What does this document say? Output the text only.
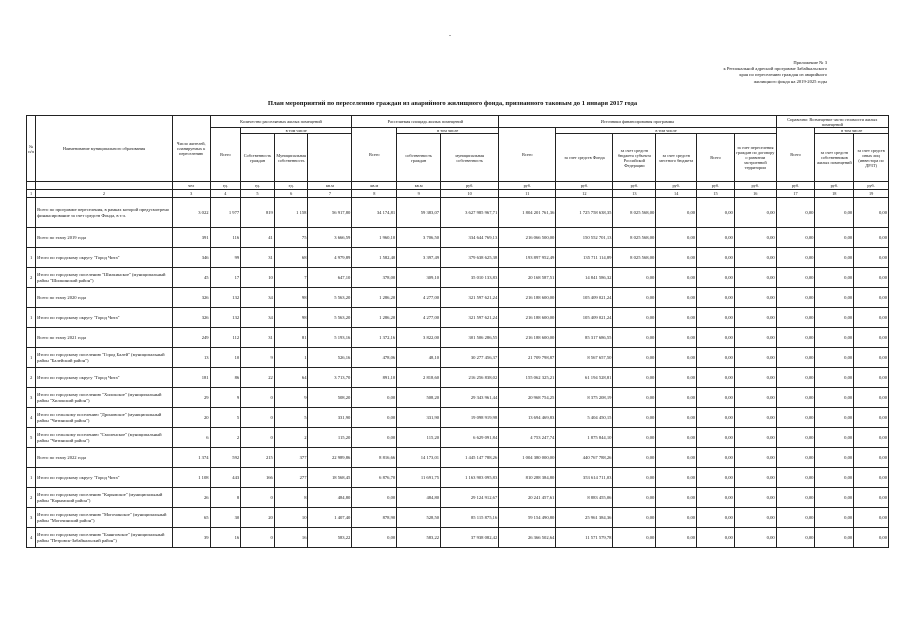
-
Приложение № 3
к Региональной адресной программе Забайкальского
края по переселению граждан из аварийного
жилищного фонда на 2019-2025 годы
План мероприятий по переселению граждан из аварийного жилищного фонда, признанного таковым до 1 января 2017 года
№ п/п	Наименование муниципального образования	Число жителей, планируемых к переселению	Количество расселяемых жилых помещений				Расселяемая площадь жилых помещений			Источники финансирования программы						Справочно: Возмещение части стоимости жилых помещений		
			Всего	в том числе			Всего	в том числе		Всего	в том числе					Всего	в том числе	
				Собственность граждан	Муниципальная собственность			собственность граждан	муниципальная собственность		за счет средств Фонда	за счет средств бюджета субъекта Российской Федерации	за счет средств местного бюджета	Всего	за счет переселения граждан по договору о развитии застроенной территории		за счет средств собственников жилых помещений	за счет средств иных лиц (инвестора по ДРЗТ)
		чел	ед.	ед.	ед.	кв.м	кв.м	кв.м	руб.	руб.	руб.	руб.	руб.	руб.	руб.	руб.	руб.	руб.
1	2	3	4	5	6	7	8	9	10	11	12	13	14	15	16	17	18	19
	Всего по программе переселения, в рамках которой предусмотрено финансирование за счет средств Фонда, в т.ч.	3 022	1 977	819	1 158	56 917,80	34 174,81	59 383,07	3 627 985 967,71	1 804 201 761,36	1 725 758 638,35	8 025 568,00	0,00	0,00	0,00	0,00	0,00	0,00
	Всего по этапу 2019 года	391	116	41	75	3 666,59	1 960,10	3 706,50	334 644 769,13	216 066 500,00	150 552 701,13	8 025 568,00	0,00	0,00	0,00	0,00	0,00	0,00
1	Итого по городскому округу "Город Чита"	346	99	31	68	4 979,89	1 582,40	3 397,49	379 638 625,38	193 897 952,49	135 711 114,89	8 025 568,00	0,00	0,00	0,00	0,00	0,00	0,00
2	Итого по городскому поселению "Шилкинское" (муниципальный район "Шилкинский район")	45	17	10	7	647,10	378,00	309,10	35 010 133,83	20 168 587,51	14 841 586,32	0,00	0,00	0,00	0,00	0,00	0,00	0,00
	Всего по этапу 2020 года	326	132	34	98	5 563,20	1 286,20	4 277,00	321 597 621,24	216 188 600,00	105 409 021,24	0,00	0,00	0,00	0,00	0,00	0,00	0,00
1	Итого по городскому округу "Город Чита"	326	132	34	98	5 563,20	1 286,20	4 277,00	321 597 621,24	216 188 600,00	105 409 021,24	0,00	0,00	0,00	0,00	0,00	0,00	0,00
	Всего по этапу 2021 года	249	112	31	81	5 193,16	1 372,16	3 822,00	301 506 286,55	216 188 600,00	85 317 686,55	0,00	0,00	0,00	0,00	0,00	0,00	0,00
1	Итого по городскому поселению "Город Балей" (муниципальный район "Балейский район")	13	10	9	1	526,16	478,06	48,10	30 277 456,37	21 709 798,87	8 567 657,50	0,00	0,00	0,00	0,00	0,00	0,00	0,00
2	Итого по городскому округу "Город Чита"	181	86	22	64	3 713,70	891,10	2 818,60	216 256 838,02	155 062 325,21	61 194 528,81	0,00	0,00	0,00	0,00	0,00	0,00	0,00
3	Итого по городскому поселению "Хилокское" (муниципальный район "Хилокский район")	29	9	0	9	508,20	0,00	508,20	29 343 961,44	20 968 754,25	8 375 208,19	0,00	0,00	0,00	0,00	0,00	0,00	0,00
4	Итого по сельскому поселению "Дроновское" (муниципальный район "Читинский район")	20	5	0	5	331,90	0,00	331,90	19 098 919,98	13 694 469,83	5 404 450,15	0,00	0,00	0,00	0,00	0,00	0,00	0,00
5	Итого по сельскому поселению "Смоленское" (муниципальный район "Читинский район")	6	2	0	2	115,20	0,00	115,20	6 629 091,84	4 753 247,74	1 875 844,10	0,00	0,00	0,00	0,00	0,00	0,00	0,00
	Всего по этапу 2022 года	1 374	592	215	377	22 989,86	8 816,66	14 173,01	1 445 147 788,26	1 004 380 000,00	440 767 788,26	0,00	0,00	0,00	0,00	0,00	0,00	0,00
1	Итого по городскому округу "Город Чита"	1 108	443	166	277	18 568,45	6 876,70	11 691,75	1 163 903 095,83	810 288 384,80	353 614 711,03	0,00	0,00	0,00	0,00	0,00	0,00	0,00
2	Итого по городскому поселению "Карымское" (муниципальный район "Карымский район")	26	8	0	8	484,80	0,00	484,80	29 124 912,67	20 241 457,61	8 883 455,06	0,00	0,00	0,00	0,00	0,00	0,00	0,00
3	Итого по городскому поселению "Могочинское" (муниципальный район "Могочинский район")	65	30	20	10	1 407,40	878,90	528,50	85 115 875,16	59 154 490,80	25 961 384,36	0,00	0,00	0,00	0,00	0,00	0,00	0,00
4	Итого по городскому поселению "Баянговское" (муниципальный район "Петровск-Забайкальский район")	39	16	0	16	583,22	0,00	583,22	37 938 082,42	26 366 502,64	11 571 579,78	0,00	0,00	0,00	0,00	0,00	0,00	0,00
